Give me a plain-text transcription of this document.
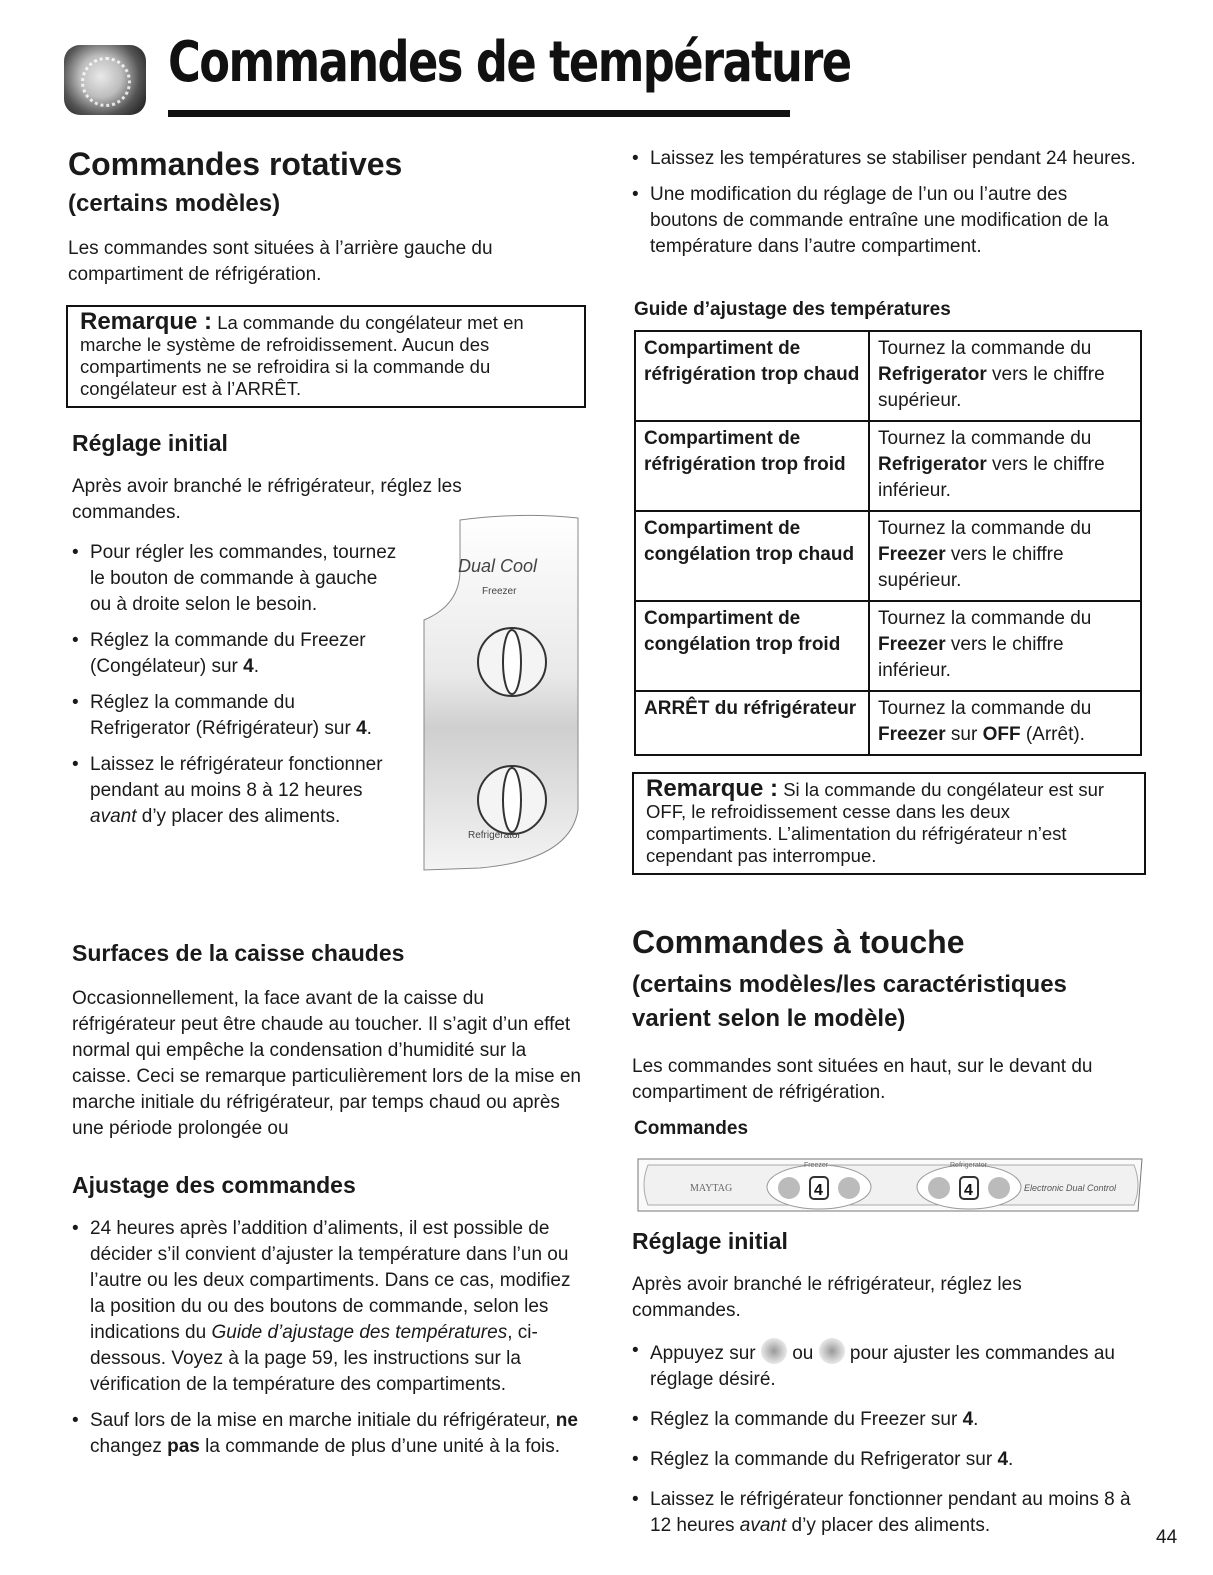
Commandes de température
Commandes rotatives
(certains modèles)

Les commandes sont situées à l’arrière gauche du compartiment de réfrigération.

Remarque : La commande du congélateur met en marche le système de refroidissement. Aucun des compartiments ne se refroidira si la commande du congélateur est à l’ARRÊT.
Réglage initial

Après avoir branché le réfrigérateur, réglez les commandes.

• Pour régler les commandes, tournez le bouton de commande à gauche ou à droite selon le besoin.
• Réglez la commande du Freezer (Congélateur) sur 4.
• Réglez la commande du Refrigerator (Réfrigérateur) sur 4.
• Laissez le réfrigérateur fonctionner pendant au moins 8 à 12 heures avant d’y placer des aliments.
Dual Cool
Freezer
Refrigerator
Surfaces de la caisse chaudes

Occasionnellement, la face avant de la caisse du réfrigérateur peut être chaude au toucher. Il s’agit d’un effet normal qui empêche la condensation d’humidité sur la caisse. Ceci se remarque particulièrement lors de la mise en marche initiale du réfrigérateur, par temps chaud ou après une période prolongée ou

Ajustage des commandes
• 24 heures après l’addition d’aliments, il est possible de décider s’il convient d’ajuster la température dans l’un ou l’autre ou les deux compartiments. Dans ce cas, modifiez la position du ou des boutons de commande, selon les indications du Guide d’ajustage des températures, ci-dessous. Voyez à la page 59, les instructions sur la vérification de la température des compartiments.
• Sauf lors de la mise en marche initiale du réfrigérateur, ne changez pas la commande de plus d’une unité à la fois.
• Laissez les températures se stabiliser pendant 24 heures.
• Une modification du réglage de l’un ou l’autre des boutons de commande entraîne une modification de la température dans l’autre compartiment.
Guide d’ajustage des températures
Compartiment de réfrigération trop chaud	Tournez la commande du Refrigerator vers le chiffre supérieur.
Compartiment de réfrigération trop froid	Tournez la commande du Refrigerator vers le chiffre inférieur.
Compartiment de congélation trop chaud	Tournez la commande du Freezer vers le chiffre supérieur.
Compartiment de congélation trop froid	Tournez la commande du Freezer vers le chiffre inférieur.
ARRÊT du réfrigérateur	Tournez la commande du Freezer sur OFF (Arrêt).
Remarque : Si la commande du congélateur est sur OFF, le refroidissement cesse dans les deux compartiments. L’alimentation du réfrigérateur n’est cependant pas interrompue.
Commandes à touche
(certains modèles/les caractéristiques varient selon le modèle)

Les commandes sont situées en haut, sur le devant du compartiment de réfrigération.

Commandes
MAYTAG
Freezer
4
Refrigerator
4	Electronic Dual Control
Réglage initial

Après avoir branché le réfrigérateur, réglez les commandes.

• Appuyez sur ou pour ajuster les commandes au réglage désiré.
• Réglez la commande du Freezer sur 4.
• Réglez la commande du Refrigerator sur 4.
• Laissez le réfrigérateur fonctionner pendant au moins 8 à 12 heures avant d’y placer des aliments.
44
